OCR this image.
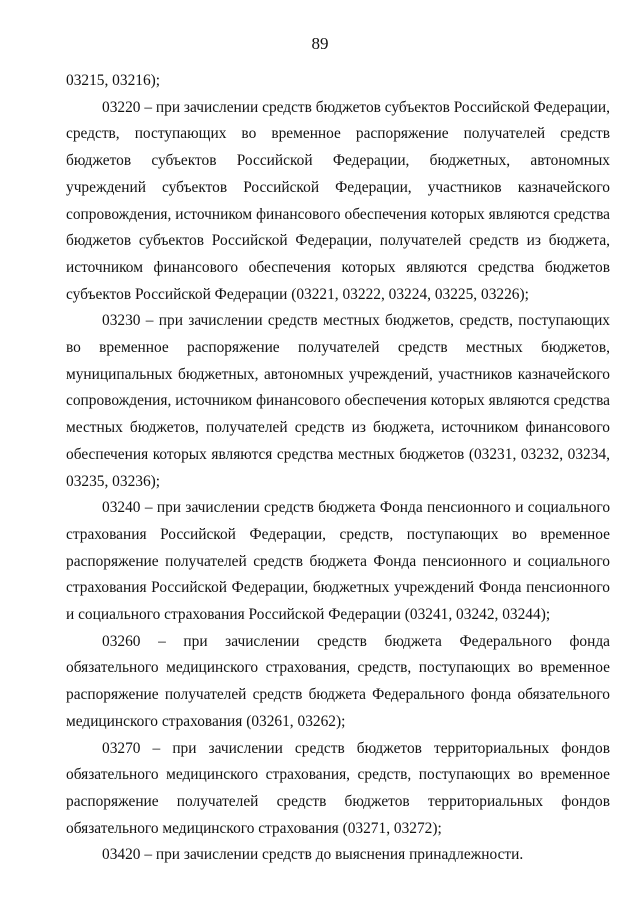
89

03215, 03216);

03220 – при зачислении средств бюджетов субъектов Российской Федерации, средств, поступающих во временное распоряжение получателей средств бюджетов субъектов Российской Федерации, бюджетных, автономных учреждений субъектов Российской Федерации, участников казначейского сопровождения, источником финансового обеспечения которых являются средства бюджетов субъектов Российской Федерации, получателей средств из бюджета, источником финансового обеспечения которых являются средства бюджетов субъектов Российской Федерации (03221, 03222, 03224, 03225, 03226);

03230 – при зачислении средств местных бюджетов, средств, поступающих во временное распоряжение получателей средств местных бюджетов, муниципальных бюджетных, автономных учреждений, участников казначейского сопровождения, источником финансового обеспечения которых являются средства местных бюджетов, получателей средств из бюджета, источником финансового обеспечения которых являются средства местных бюджетов (03231, 03232, 03234, 03235, 03236);

03240 – при зачислении средств бюджета Фонда пенсионного и социального страхования Российской Федерации, средств, поступающих во временное распоряжение получателей средств бюджета Фонда пенсионного и социального страхования Российской Федерации, бюджетных учреждений Фонда пенсионного и социального страхования Российской Федерации (03241, 03242, 03244);

03260 – при зачислении средств бюджета Федерального фонда обязательного медицинского страхования, средств, поступающих во временное распоряжение получателей средств бюджета Федерального фонда обязательного медицинского страхования (03261, 03262);

03270 – при зачислении средств бюджетов территориальных фондов обязательного медицинского страхования, средств, поступающих во временное распоряжение получателей средств бюджетов территориальных фондов обязательного медицинского страхования (03271, 03272);

03420 – при зачислении средств до выяснения принадлежности.
